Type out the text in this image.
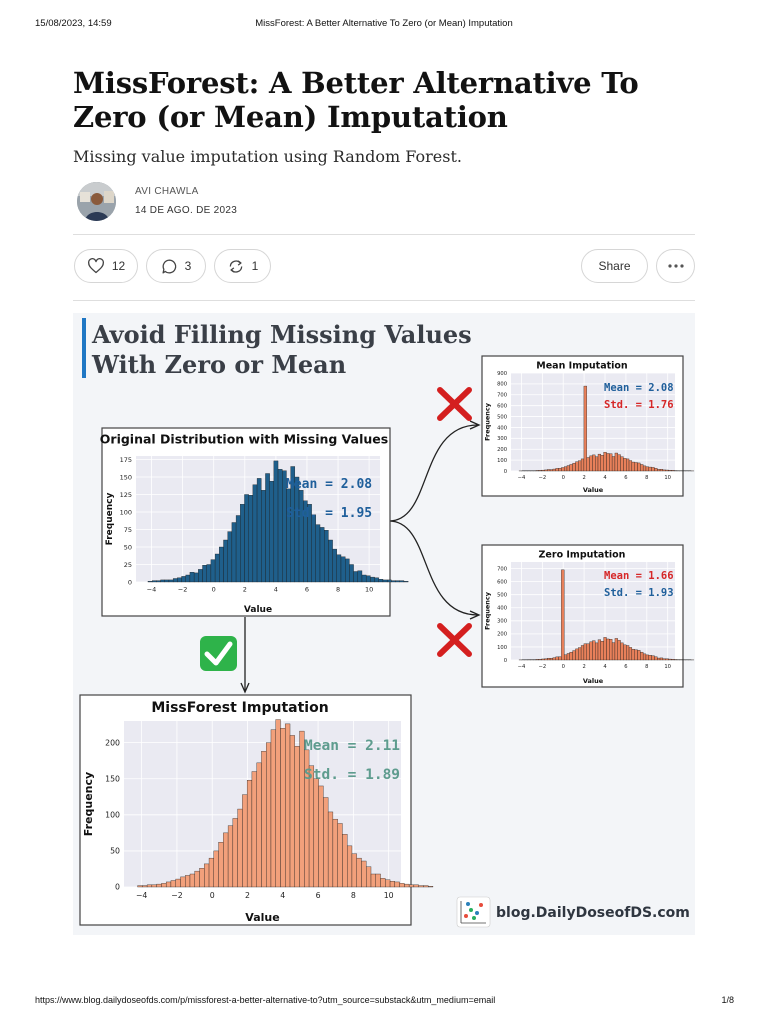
15/08/2023, 14:59	MissForest: A Better Alternative To Zero (or Mean) Imputation
MissForest: A Better Alternative To Zero (or Mean) Imputation
Missing value imputation using Random Forest.
AVI CHAWLA
14 DE AGO. DE 2023
12	3	1	Share
Avoid Filling Missing Values
With Zero or Mean
−4	−2	0	2	4	6	8	10
0
25
50
75
100
125
150
175
Original Distribution with Missing Values
Value
Frequency
Mean = 2.08
Std. = 1.95
−4	−2	0	2	4	6	8	10
0
100
200
300
400
500
600
700
800
900
Mean Imputation
Value
Frequency
Mean = 2.08
Std. = 1.76
−4	−2	0	2	4	6	8	10
0
100
200
300
400
500
600
700
Zero Imputation
Value
Frequency
Mean = 1.66
Std. = 1.93
−4	−2	0	2	4	6	8	10
0
50
100
150
200
MissForest Imputation
Value
Frequency
Mean = 2.11
Std. = 1.89
blog.DailyDoseofDS.com
https://www.blog.dailydoseofds.com/p/missforest-a-better-alternative-to?utm_source=substack&utm_medium=email	1/8
